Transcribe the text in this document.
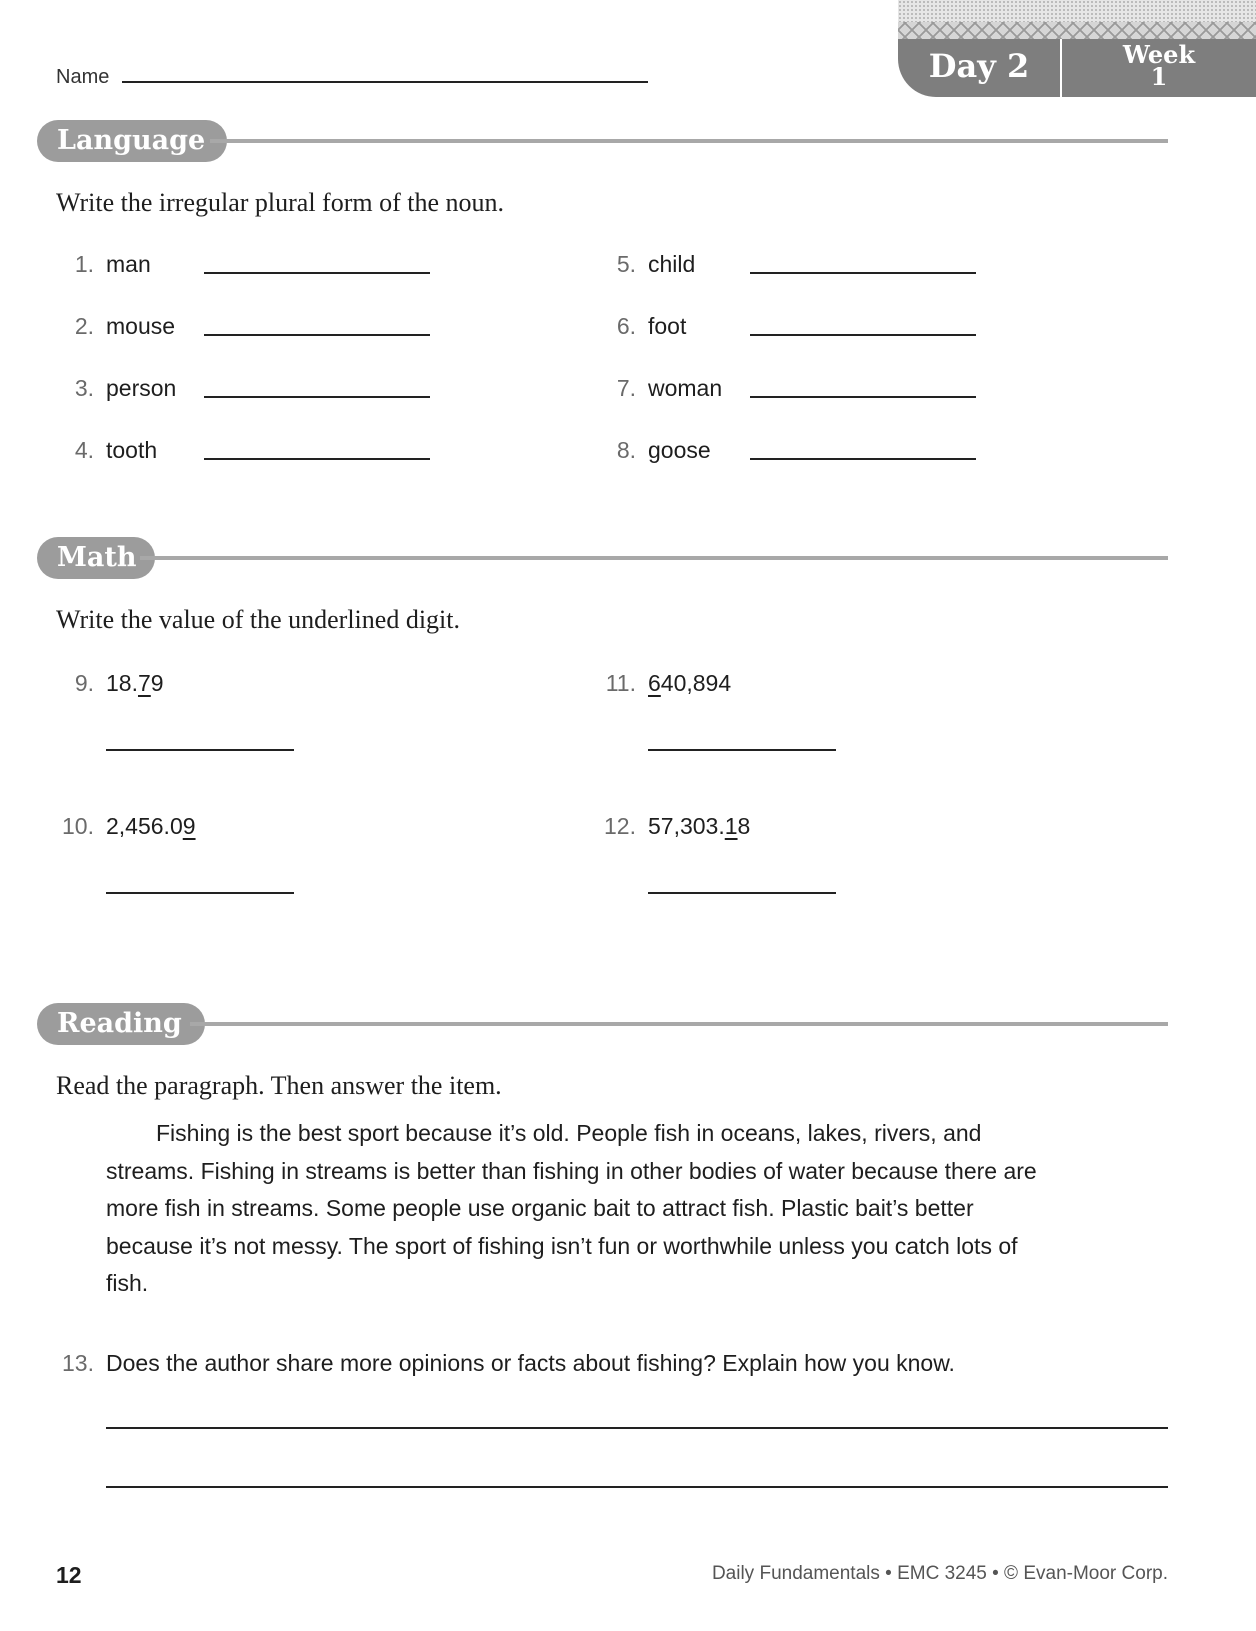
Day 2	Week
1
Name
Language
Write the irregular plural form of the noun.
1. man
2. mouse
3. person
4. tooth
5. child
6. foot
7. woman
8. goose
Math
Write the value of the underlined digit.
9. 18.79	11. 640,894
10. 2,456.09	12. 57,303.18
Reading
Read the paragraph. Then answer the item.
Fishing is the best sport because it’s old. People fish in oceans, lakes, rivers, and streams. Fishing in streams is better than fishing in other bodies of water because there are more fish in streams. Some people use organic bait to attract fish. Plastic bait’s better because it’s not messy. The sport of fishing isn’t fun or worthwhile unless you catch lots of fish.
13. Does the author share more opinions or facts about fishing? Explain how you know.
12	Daily Fundamentals • EMC 3245 • © Evan-Moor Corp.
